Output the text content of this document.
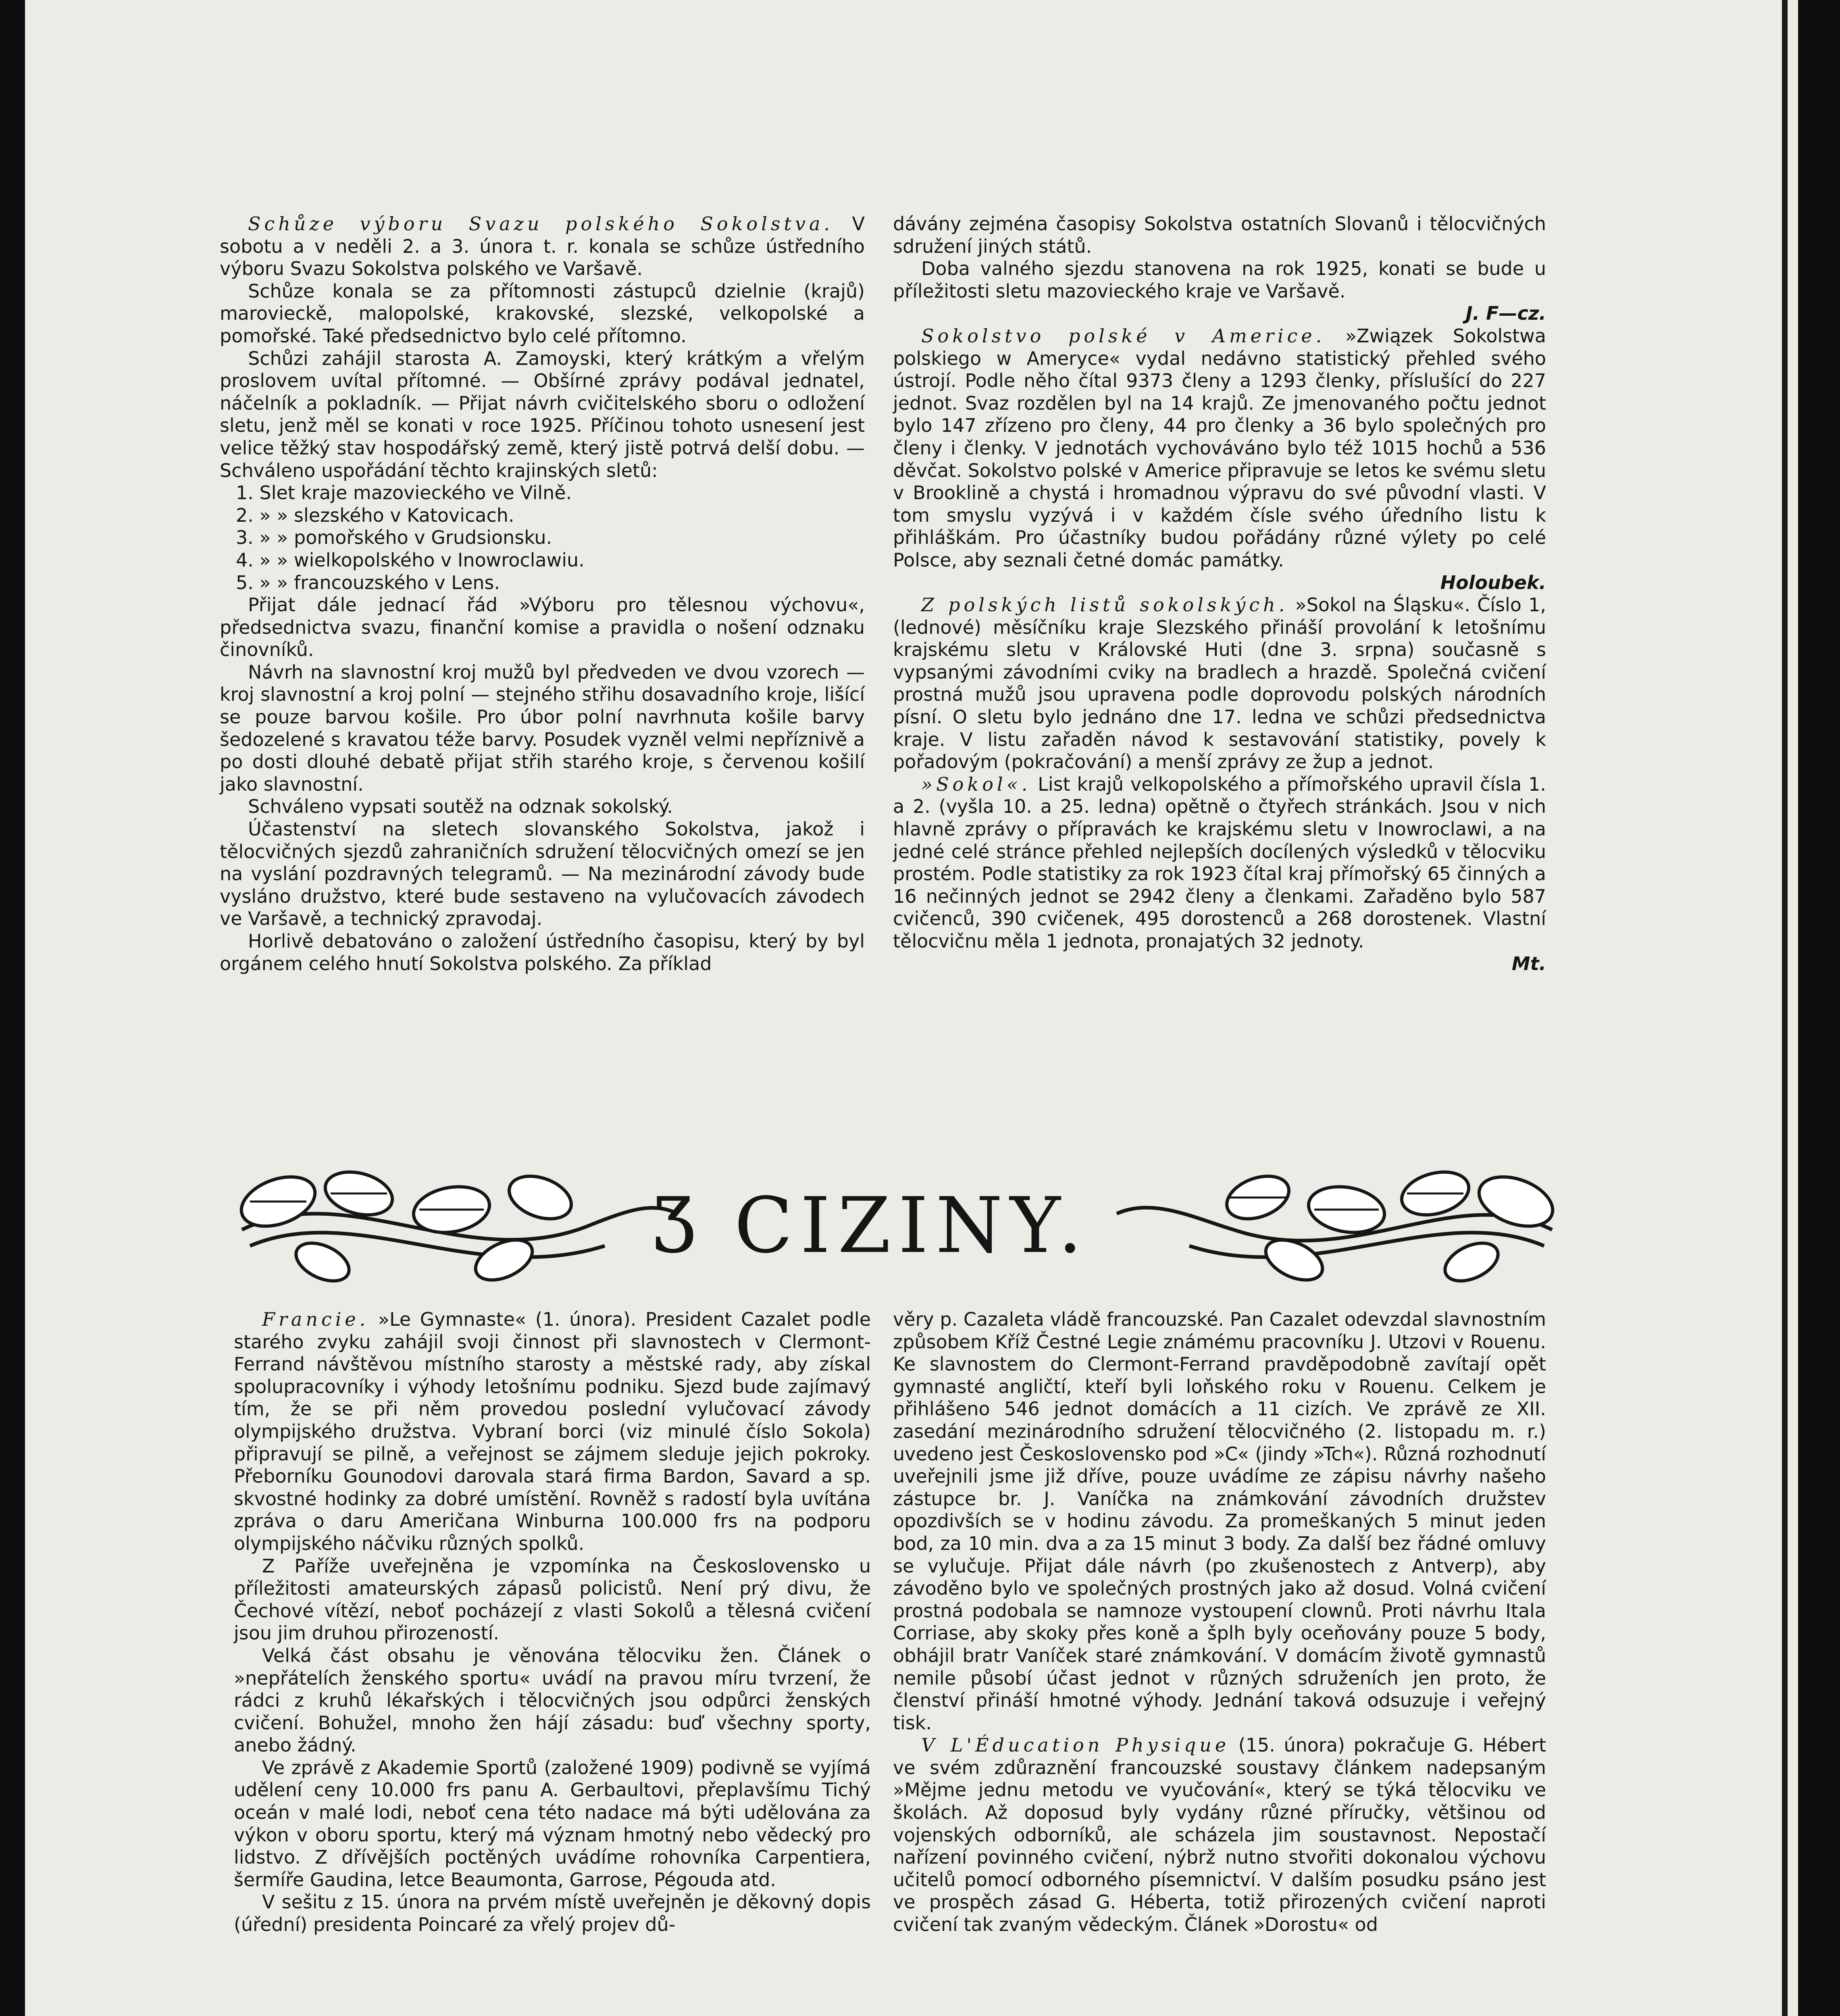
Schůze výboru Svazu polského Sokolstva. V sobotu a v neděli 2. a 3. února t. r. konala se schůze ústředního výboru Svazu Sokolstva polského ve Varšavě.

Schůze konala se za přítomnosti zástupců dzielnie (krajů) marovieckě, malopolské, krakovské, slezské, velkopolské a pomořské. Také předsednictvo bylo celé přítomno.

Schůzi zahájil starosta A. Zamoyski, který krátkým a vřelým proslovem uvítal přítomné. — Obšírné zprávy podával jednatel, náčelník a pokladník. — Přijat návrh cvičitelského sboru o odložení sletu, jenž měl se konati v roce 1925. Příčinou tohoto usnesení jest velice těžký stav hospodářský země, který jistě potrvá delší dobu. — Schváleno uspořádání těchto krajinských sletů:

1. Slet kraje mazovieckého ve Vilně.

2. » » slezského v Katovicach.

3. » » pomořského v Grudsionsku.

4. » » wielkopolského v Inowroclawiu.

5. » » francouzského v Lens.

Přijat dále jednací řád »Výboru pro tělesnou výchovu«, předsednictva svazu, finanční komise a pravidla o nošení odznaku činovníků.

Návrh na slavnostní kroj mužů byl předveden ve dvou vzorech — kroj slavnostní a kroj polní — stejného střihu dosavadního kroje, lišící se pouze barvou košile. Pro úbor polní navrhnuta košile barvy šedozelené s kravatou téže barvy. Posudek vyzněl velmi nepříznivě a po dosti dlouhé debatě přijat střih starého kroje, s červenou košilí jako slavnostní.

Schváleno vypsati soutěž na odznak sokolský.

Účastenství na sletech slovanského Sokolstva, jakož i tělocvičných sjezdů zahraničních sdružení tělocvičných omezí se jen na vyslání pozdravných telegramů. — Na mezinárodní závody bude vysláno družstvo, které bude sestaveno na vylučovacích závodech ve Varšavě, a technický zpravodaj.

Horlivě debatováno o založení ústředního časopisu, který by byl orgánem celého hnutí Sokolstva polského. Za příklad

dávány zejména časopisy Sokolstva ostatních Slovanů i tělocvičných sdružení jiných států.

Doba valného sjezdu stanovena na rok 1925, konati se bude u příležitosti sletu mazovieckého kraje ve Varšavě.

J. F—cz.

Sokolstvo polské v Americe. »Związek Sokolstwa polskiego w Ameryce« vydal nedávno statistický přehled svého ústrojí. Podle něho čítal 9373 členy a 1293 členky, příslušící do 227 jednot. Svaz rozdělen byl na 14 krajů. Ze jmenovaného počtu jednot bylo 147 zřízeno pro členy, 44 pro členky a 36 bylo společných pro členy i členky. V jednotách vychováváno bylo též 1015 hochů a 536 děvčat. Sokolstvo polské v Americe připravuje se letos ke svému sletu v Brooklině a chystá i hromadnou výpravu do své původní vlasti. V tom smyslu vyzývá i v každém čísle svého úředního listu k přihláškám. Pro účastníky budou pořádány různé výlety po celé Polsce, aby seznali četné domác památky.

Holoubek.

Z polských listů sokolských. »Sokol na Śląsku«. Číslo 1, (lednové) měsíčníku kraje Slezského přináší provolání k letošnímu krajskému sletu v Královské Huti (dne 3. srpna) současně s vypsanými závodními cviky na bradlech a hrazdě. Společná cvičení prostná mužů jsou upravena podle doprovodu polských národních písní. O sletu bylo jednáno dne 17. ledna ve schůzi předsednictva kraje. V listu zařaděn návod k sestavování statistiky, povely k pořadovým (pokračování) a menší zprávy ze žup a jednot.

»Sokol«. List krajů velkopolského a přímořského upravil čísla 1. a 2. (vyšla 10. a 25. ledna) opětně o čtyřech stránkách. Jsou v nich hlavně zprávy o přípravách ke krajskému sletu v Inowroclawi, a na jedné celé stránce přehled nejlepších docílených výsledků v tělocviku prostém. Podle statistiky za rok 1923 čítal kraj přímořský 65 činných a 16 nečinných jednot se 2942 členy a členkami. Zařaděno bylo 587 cvičenců, 390 cvičenek, 495 dorostenců a 268 dorostenek. Vlastní tělocvičnu měla 1 jednota, pronajatých 32 jednoty.

Mt.

Ʒ CIZINY.

Francie. »Le Gymnaste« (1. února). President Cazalet podle starého zvyku zahájil svoji činnost při slavnostech v Clermont-Ferrand návštěvou místního starosty a městské rady, aby získal spolupracovníky i výhody letošnímu podniku. Sjezd bude zajímavý tím, že se při něm provedou poslední vylučovací závody olympijského družstva. Vybraní borci (viz minulé číslo Sokola) připravují se pilně, a veřejnost se zájmem sleduje jejich pokroky. Přeborníku Gounodovi darovala stará firma Bardon, Savard a sp. skvostné hodinky za dobré umístění. Rovněž s radostí byla uvítána zpráva o daru Američana Winburna 100.000 frs na podporu olympijského náčviku různých spolků.

Z Paříže uveřejněna je vzpomínka na Československo u příležitosti amateurských zápasů policistů. Není prý divu, že Čechové vítězí, neboť pocházejí z vlasti Sokolů a tělesná cvičení jsou jim druhou přirozeností.

Velká část obsahu je věnována tělocviku žen. Článek o »nepřátelích ženského sportu« uvádí na pravou míru tvrzení, že rádci z kruhů lékařských i tělocvičných jsou odpůrci ženských cvičení. Bohužel, mnoho žen hájí zásadu: buď všechny sporty, anebo žádný.

Ve zprávě z Akademie Sportů (založené 1909) podivně se vyjímá udělení ceny 10.000 frs panu A. Gerbaultovi, přeplavšímu Tichý oceán v malé lodi, neboť cena této nadace má býti udělována za výkon v oboru sportu, který má význam hmotný nebo vědecký pro lidstvo. Z dřívějších poctěných uvádíme rohovníka Carpentiera, šermíře Gaudina, letce Beaumonta, Garrose, Pégouda atd.

V sešitu z 15. února na prvém místě uveřejněn je děkovný dopis (úřední) presidenta Poincaré za vřelý projev dů-

věry p. Cazaleta vládě francouzské. Pan Cazalet odevzdal slavnostním způsobem Kříž Čestné Legie známému pracovníku J. Utzovi v Rouenu. Ke slavnostem do Clermont-Ferrand pravděpodobně zavítají opět gymnasté angličtí, kteří byli loňského roku v Rouenu. Celkem je přihlášeno 546 jednot domácích a 11 cizích. Ve zprávě ze XII. zasedání mezinárodního sdružení tělocvičného (2. listopadu m. r.) uvedeno jest Československo pod »C« (jindy »Tch«). Různá rozhodnutí uveřejnili jsme již dříve, pouze uvádíme ze zápisu návrhy našeho zástupce br. J. Vaníčka na známkování závodních družstev opozdivších se v hodinu závodu. Za promeškaných 5 minut jeden bod, za 10 min. dva a za 15 minut 3 body. Za další bez řádné omluvy se vylučuje. Přijat dále návrh (po zkušenostech z Antverp), aby závoděno bylo ve společných prostných jako až dosud. Volná cvičení prostná podobala se namnoze vystoupení clownů. Proti návrhu Itala Corriase, aby skoky přes koně a šplh byly oceňovány pouze 5 body, obhájil bratr Vaníček staré známkování. V domácím životě gymnastů nemile působí účast jednot v různých sdruženích jen proto, že členství přináší hmotné výhody. Jednání taková odsuzuje i veřejný tisk.

V L'Éducation Physique (15. února) pokračuje G. Hébert ve svém zdůraznění francouzské soustavy článkem nadepsaným »Mějme jednu metodu ve vyučování«, který se týká tělocviku ve školách. Až doposud byly vydány různé příručky, většinou od vojenských odborníků, ale scházela jim soustavnost. Nepostačí nařízení povinného cvičení, nýbrž nutno stvořiti dokonalou výchovu učitelů pomocí odborného písemnictví. V dalším posudku psáno jest ve prospěch zásad G. Héberta, totiž přirozených cvičení naproti cvičení tak zvaným vědeckým. Článek »Dorostu« od
